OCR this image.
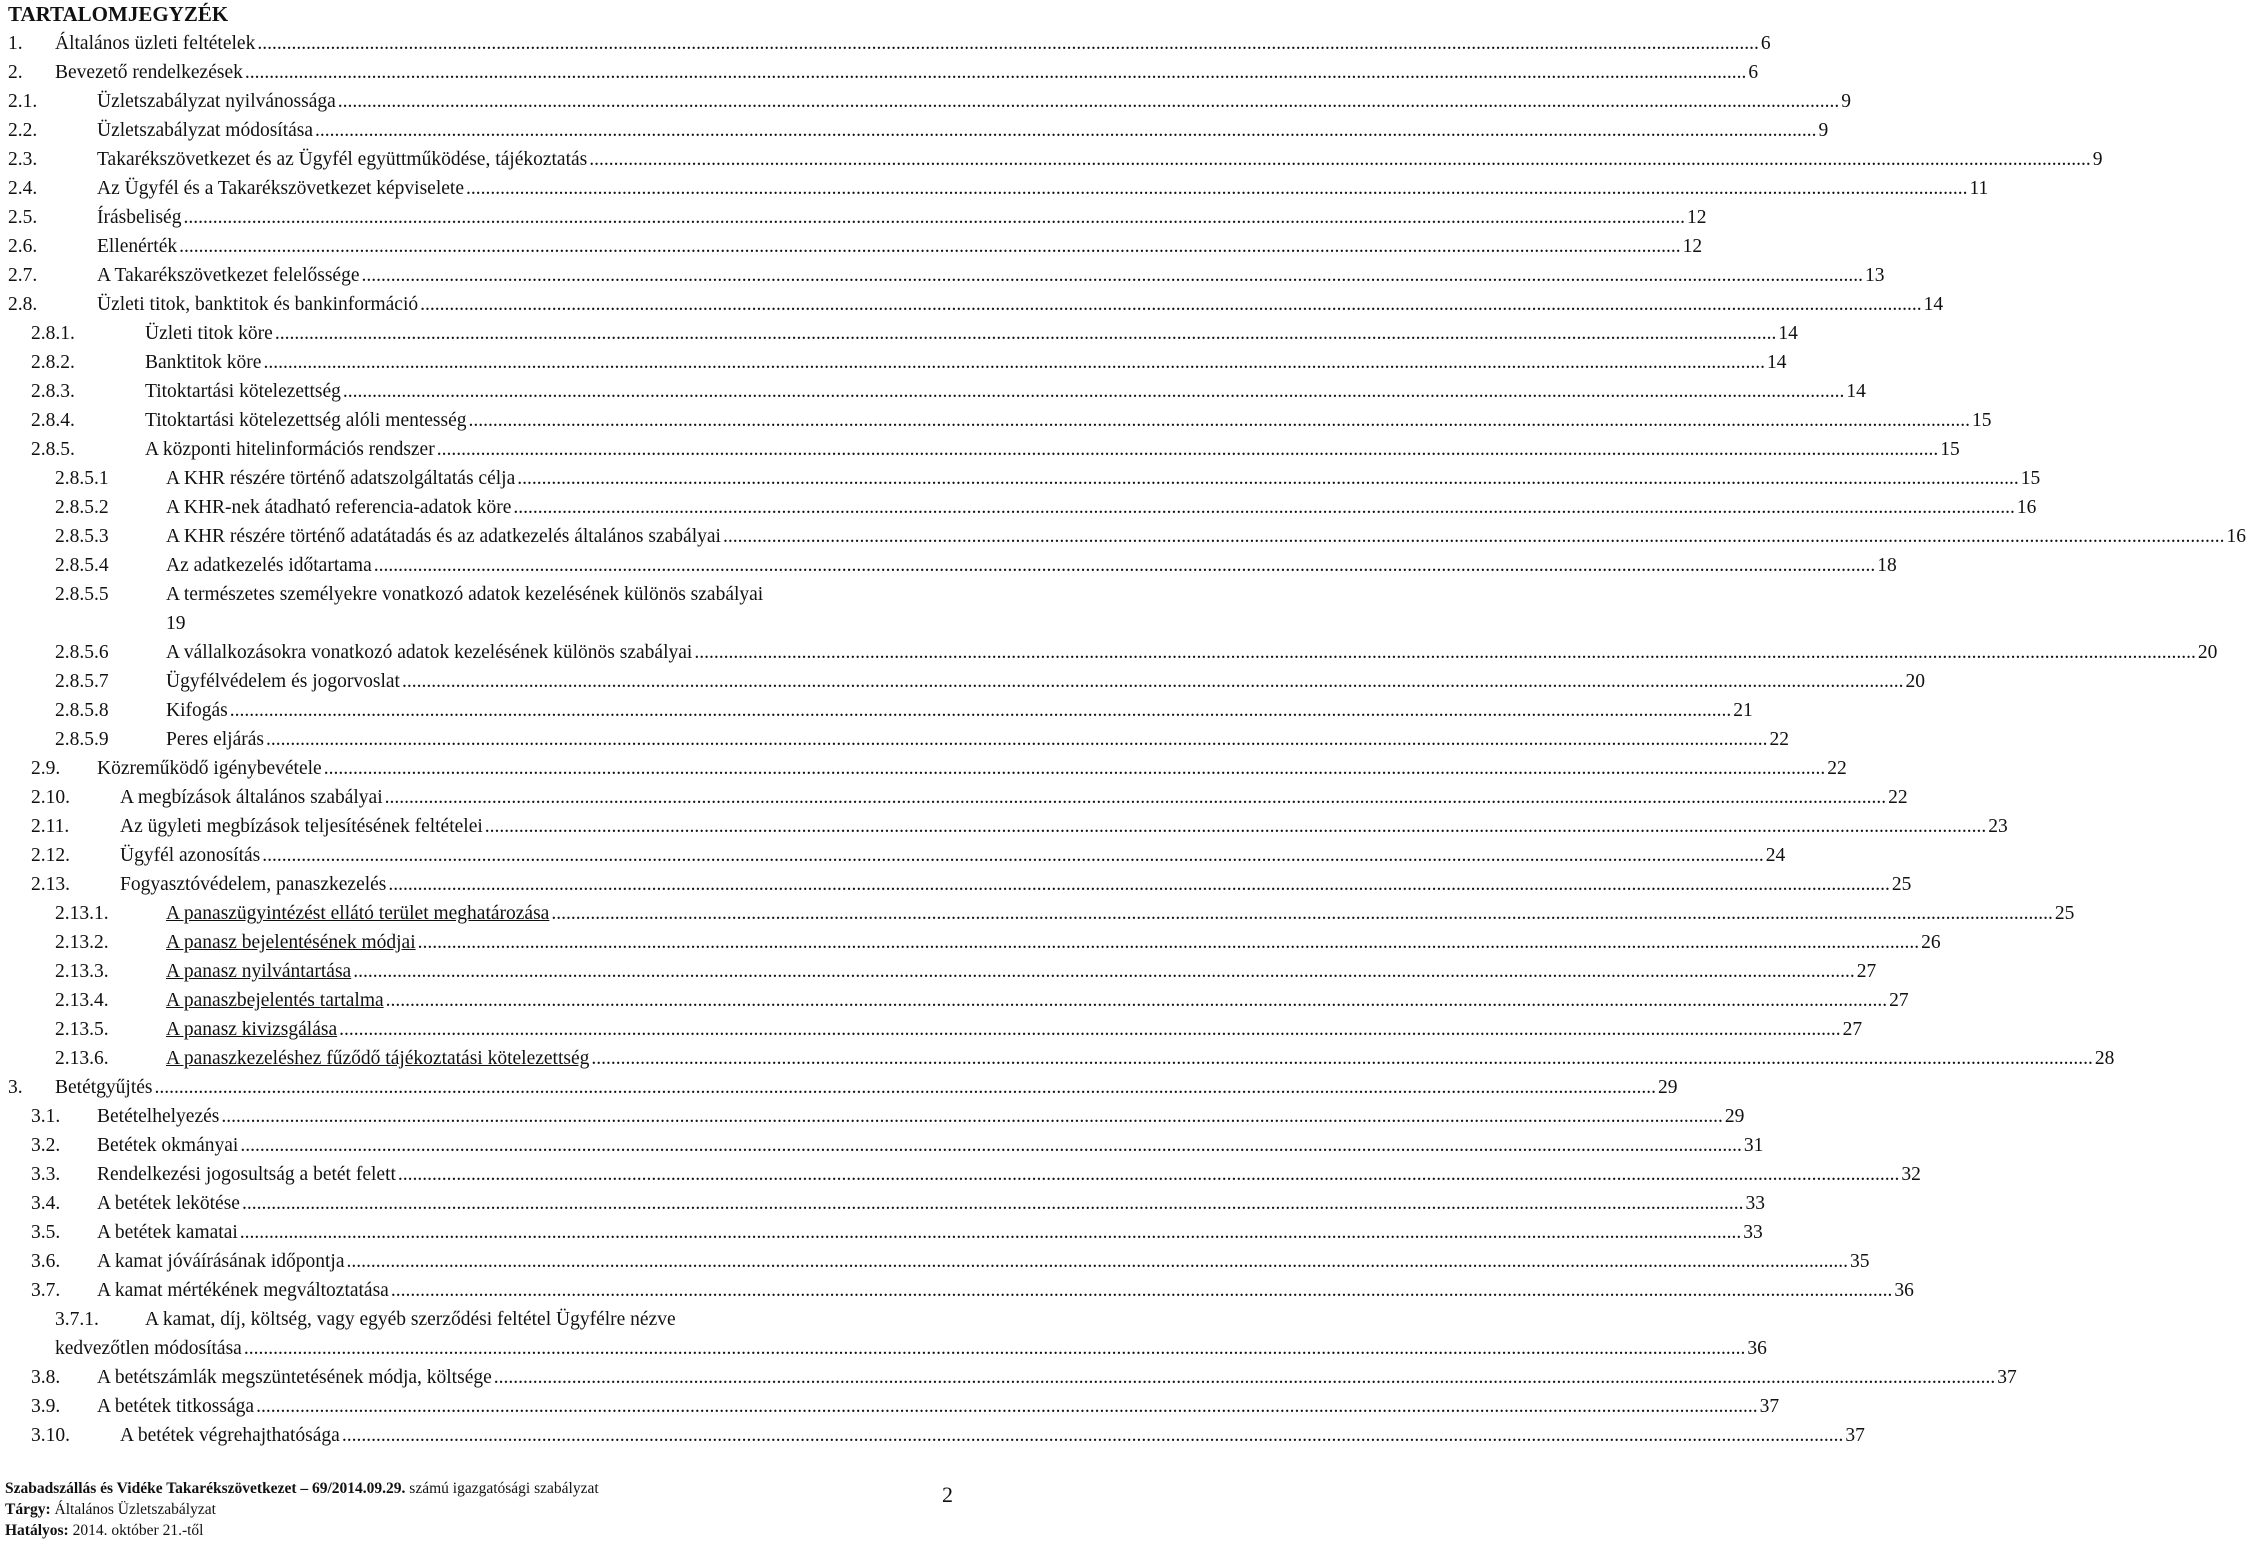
TARTALOMJEGYZÉK
1. Általános üzleti feltételek .................................................................................................................................................................................................................................................................................................................... 6
2. Bevezető rendelkezések .................................................................................................................................................................................................................................................................................................................... 6
2.1.	Üzletszabályzat nyilvánossága .................................................................................................................................................................................................................................................................................................................... 9
2.2.	Üzletszabályzat módosítása .................................................................................................................................................................................................................................................................................................................... 9
2.3.	Takarékszövetkezet és az Ügyfél együttműködése, tájékoztatás .................................................................................................................................................................................................................................................................................................................... 9
2.4.	Az Ügyfél és a Takarékszövetkezet képviselete .................................................................................................................................................................................................................................................................................................................... 11
2.5.	Írásbeliség .................................................................................................................................................................................................................................................................................................................... 12
2.6.	Ellenérték .................................................................................................................................................................................................................................................................................................................... 12
2.7.	A Takarékszövetkezet felelőssége .................................................................................................................................................................................................................................................................................................................... 13
2.8.	Üzleti titok, banktitok és bankinformáció .................................................................................................................................................................................................................................................................................................................... 14
2.8.1.	Üzleti titok köre .................................................................................................................................................................................................................................................................................................................... 14
2.8.2.	Banktitok köre .................................................................................................................................................................................................................................................................................................................... 14
2.8.3.	Titoktartási kötelezettség .................................................................................................................................................................................................................................................................................................................... 14
2.8.4.	Titoktartási kötelezettség alóli mentesség .................................................................................................................................................................................................................................................................................................................... 15
2.8.5.	A központi hitelinformációs rendszer .................................................................................................................................................................................................................................................................................................................... 15
2.8.5.1	A KHR részére történő adatszolgáltatás célja .................................................................................................................................................................................................................................................................................................................... 15
2.8.5.2	A KHR-nek átadható referencia-adatok köre .................................................................................................................................................................................................................................................................................................................... 16
2.8.5.3	A KHR részére történő adatátadás és az adatkezelés általános szabályai .................................................................................................................................................................................................................................................................................................................... 16
2.8.5.4	Az adatkezelés időtartama .................................................................................................................................................................................................................................................................................................................... 18
2.8.5.5	A természetes személyekre vonatkozó adatok kezelésének különös szabályai
19
2.8.5.6	A vállalkozásokra vonatkozó adatok kezelésének különös szabályai .................................................................................................................................................................................................................................................................................................................... 20
2.8.5.7	Ügyfélvédelem és jogorvoslat .................................................................................................................................................................................................................................................................................................................... 20
2.8.5.8	Kifogás .................................................................................................................................................................................................................................................................................................................... 21
2.8.5.9	Peres eljárás .................................................................................................................................................................................................................................................................................................................... 22
2.9. Közreműködő igénybevétele .................................................................................................................................................................................................................................................................................................................... 22
2.10.	A megbízások általános szabályai .................................................................................................................................................................................................................................................................................................................... 22
2.11.	Az ügyleti megbízások teljesítésének feltételei .................................................................................................................................................................................................................................................................................................................... 23
2.12.	Ügyfél azonosítás .................................................................................................................................................................................................................................................................................................................... 24
2.13.	Fogyasztóvédelem, panaszkezelés .................................................................................................................................................................................................................................................................................................................... 25
2.13.1.	A panaszügyintézést ellátó terület meghatározása .................................................................................................................................................................................................................................................................................................................... 25
2.13.2.	A panasz bejelentésének módjai .................................................................................................................................................................................................................................................................................................................... 26
2.13.3.	A panasz nyilvántartása .................................................................................................................................................................................................................................................................................................................... 27
2.13.4.	A panaszbejelentés tartalma .................................................................................................................................................................................................................................................................................................................... 27
2.13.5.	A panasz kivizsgálása .................................................................................................................................................................................................................................................................................................................... 27
2.13.6.	A panaszkezeléshez fűződő tájékoztatási kötelezettség .................................................................................................................................................................................................................................................................................................................... 28
3. Betétgyűjtés .................................................................................................................................................................................................................................................................................................................... 29
3.1. Betételhelyezés .................................................................................................................................................................................................................................................................................................................... 29
3.2. Betétek okmányai .................................................................................................................................................................................................................................................................................................................... 31
3.3. Rendelkezési jogosultság a betét felett .................................................................................................................................................................................................................................................................................................................... 32
3.4. A betétek lekötése .................................................................................................................................................................................................................................................................................................................... 33
3.5. A betétek kamatai .................................................................................................................................................................................................................................................................................................................... 33
3.6. A kamat jóváírásának időpontja .................................................................................................................................................................................................................................................................................................................... 35
3.7. A kamat mértékének megváltoztatása .................................................................................................................................................................................................................................................................................................................... 36
3.7.1. A kamat, díj, költség, vagy egyéb szerződési feltétel Ügyfélre nézve
kedvezőtlen módosítása .................................................................................................................................................................................................................................................................................................................... 36
3.8. A betétszámlák megszüntetésének módja, költsége .................................................................................................................................................................................................................................................................................................................... 37
3.9. A betétek titkossága .................................................................................................................................................................................................................................................................................................................... 37
3.10.	A betétek végrehajthatósága .................................................................................................................................................................................................................................................................................................................... 37
Szabadszállás és Vidéke Takarékszövetkezet – 69/2014.09.29. számú igazgatósági szabályzat
Tárgy: Általános Üzletszabályzat
Hatályos: 2014. október 21.-től
2
